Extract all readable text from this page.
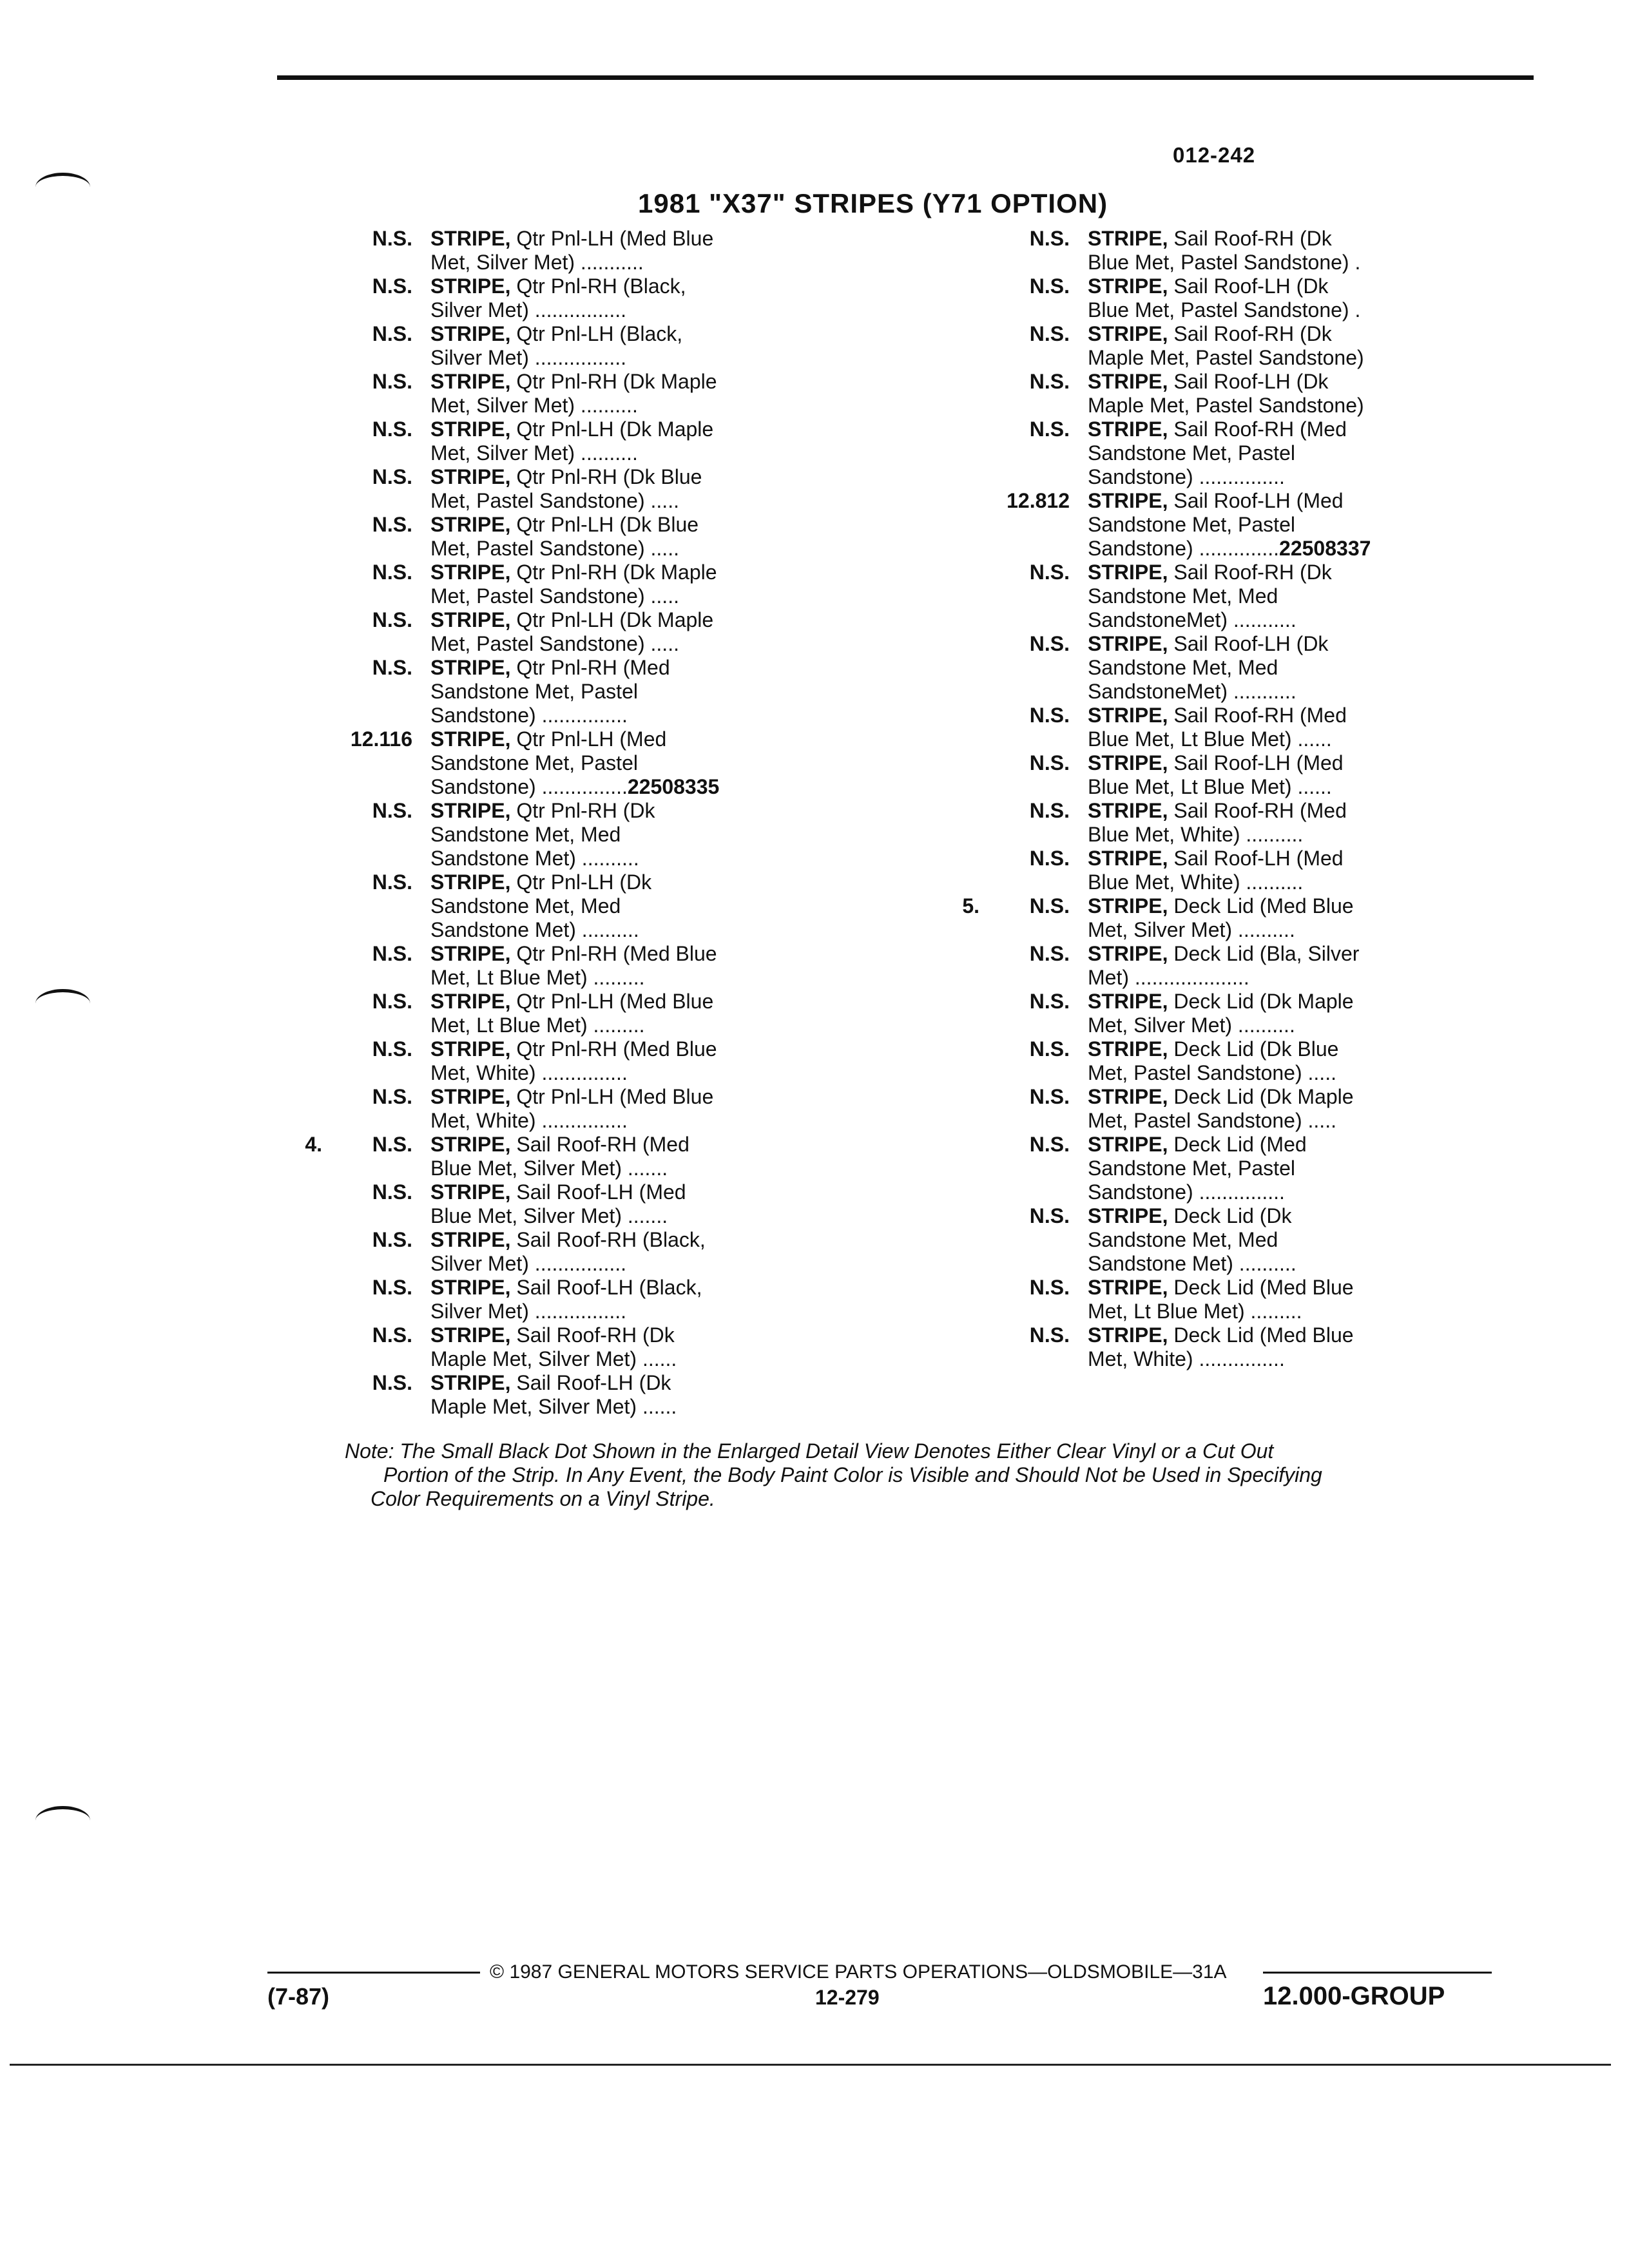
012-242
1981 "X37" STRIPES (Y71 OPTION)
N.S. STRIPE, Qtr Pnl-LH (Med Blue
Met, Silver Met) ...........
N.S. STRIPE, Qtr Pnl-RH (Black,
Silver Met) ................
N.S. STRIPE, Qtr Pnl-LH (Black,
Silver Met) ................
N.S. STRIPE, Qtr Pnl-RH (Dk Maple
Met, Silver Met) ..........
N.S. STRIPE, Qtr Pnl-LH (Dk Maple
Met, Silver Met) ..........
N.S. STRIPE, Qtr Pnl-RH (Dk Blue
Met, Pastel Sandstone) .....
N.S. STRIPE, Qtr Pnl-LH (Dk Blue
Met, Pastel Sandstone) .....
N.S. STRIPE, Qtr Pnl-RH (Dk Maple
Met, Pastel Sandstone) .....
N.S. STRIPE, Qtr Pnl-LH (Dk Maple
Met, Pastel Sandstone) .....
N.S. STRIPE, Qtr Pnl-RH (Med
Sandstone Met, Pastel
Sandstone) ...............
12.116 STRIPE, Qtr Pnl-LH (Med
Sandstone Met, Pastel
Sandstone) ...............22508335
N.S. STRIPE, Qtr Pnl-RH (Dk
Sandstone Met, Med
Sandstone Met) ..........
N.S. STRIPE, Qtr Pnl-LH (Dk
Sandstone Met, Med
Sandstone Met) ..........
N.S. STRIPE, Qtr Pnl-RH (Med Blue
Met, Lt Blue Met) .........
N.S. STRIPE, Qtr Pnl-LH (Med Blue
Met, Lt Blue Met) .........
N.S. STRIPE, Qtr Pnl-RH (Med Blue
Met, White) ...............
N.S. STRIPE, Qtr Pnl-LH (Med Blue
Met, White) ...............
4.	N.S. STRIPE, Sail Roof-RH (Med
Blue Met, Silver Met) .......
N.S. STRIPE, Sail Roof-LH (Med
Blue Met, Silver Met) .......
N.S. STRIPE, Sail Roof-RH (Black,
Silver Met) ................
N.S. STRIPE, Sail Roof-LH (Black,
Silver Met) ................
N.S. STRIPE, Sail Roof-RH (Dk
Maple Met, Silver Met) ......
N.S. STRIPE, Sail Roof-LH (Dk
Maple Met, Silver Met) ......
N.S. STRIPE, Sail Roof-RH (Dk
Blue Met, Pastel Sandstone) .
N.S. STRIPE, Sail Roof-LH (Dk
Blue Met, Pastel Sandstone) .
N.S. STRIPE, Sail Roof-RH (Dk
Maple Met, Pastel Sandstone)
N.S. STRIPE, Sail Roof-LH (Dk
Maple Met, Pastel Sandstone)
N.S. STRIPE, Sail Roof-RH (Med
Sandstone Met, Pastel
Sandstone) ...............
12.812 STRIPE, Sail Roof-LH (Med
Sandstone Met, Pastel
Sandstone) ..............22508337
N.S. STRIPE, Sail Roof-RH (Dk
Sandstone Met, Med
SandstoneMet) ...........
N.S. STRIPE, Sail Roof-LH (Dk
Sandstone Met, Med
SandstoneMet) ...........
N.S. STRIPE, Sail Roof-RH (Med
Blue Met, Lt Blue Met) ......
N.S. STRIPE, Sail Roof-LH (Med
Blue Met, Lt Blue Met) ......
N.S. STRIPE, Sail Roof-RH (Med
Blue Met, White) ..........
N.S. STRIPE, Sail Roof-LH (Med
Blue Met, White) ..........
5.	N.S. STRIPE, Deck Lid (Med Blue
Met, Silver Met) ..........
N.S. STRIPE, Deck Lid (Bla, Silver
Met) ....................
N.S. STRIPE, Deck Lid (Dk Maple
Met, Silver Met) ..........
N.S. STRIPE, Deck Lid (Dk Blue
Met, Pastel Sandstone) .....
N.S. STRIPE, Deck Lid (Dk Maple
Met, Pastel Sandstone) .....
N.S. STRIPE, Deck Lid (Med
Sandstone Met, Pastel
Sandstone) ...............
N.S. STRIPE, Deck Lid (Dk
Sandstone Met, Med
Sandstone Met) ..........
N.S. STRIPE, Deck Lid (Med Blue
Met, Lt Blue Met) .........
N.S. STRIPE, Deck Lid (Med Blue
Met, White) ...............
Note: The Small Black Dot Shown in the Enlarged Detail View Denotes Either Clear Vinyl or a Cut Out
Portion of the Strip. In Any Event, the Body Paint Color is Visible and Should Not be Used in Specifying
Color Requirements on a Vinyl Stripe.
© 1987 GENERAL MOTORS SERVICE PARTS OPERATIONS—OLDSMOBILE—31A
(7-87)	12-279	12.000-GROUP
